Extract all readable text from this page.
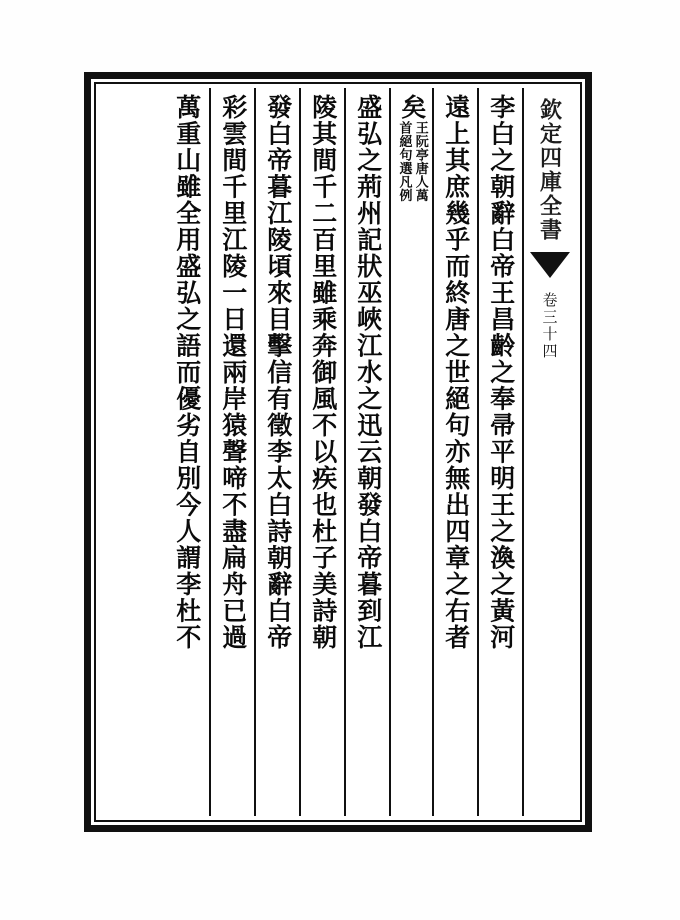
欽定四庫全書
卷三十四
李白之朝辭白帝王昌齡之奉帚平明王之渙之黃河
遠上其庶幾乎而終唐之世絕句亦無出四章之右者
矣
王阮亭唐人萬
首絕句選凡例
盛弘之荊州記狀巫峽江水之迅云朝發白帝暮到江
陵其間千二百里雖乘奔御風不以疾也杜子美詩朝
發白帝暮江陵頃來目擊信有徵李太白詩朝辭白帝
彩雲間千里江陵一日還兩岸猿聲啼不盡扁舟已過
萬重山雖全用盛弘之語而優劣自別今人謂李杜不
